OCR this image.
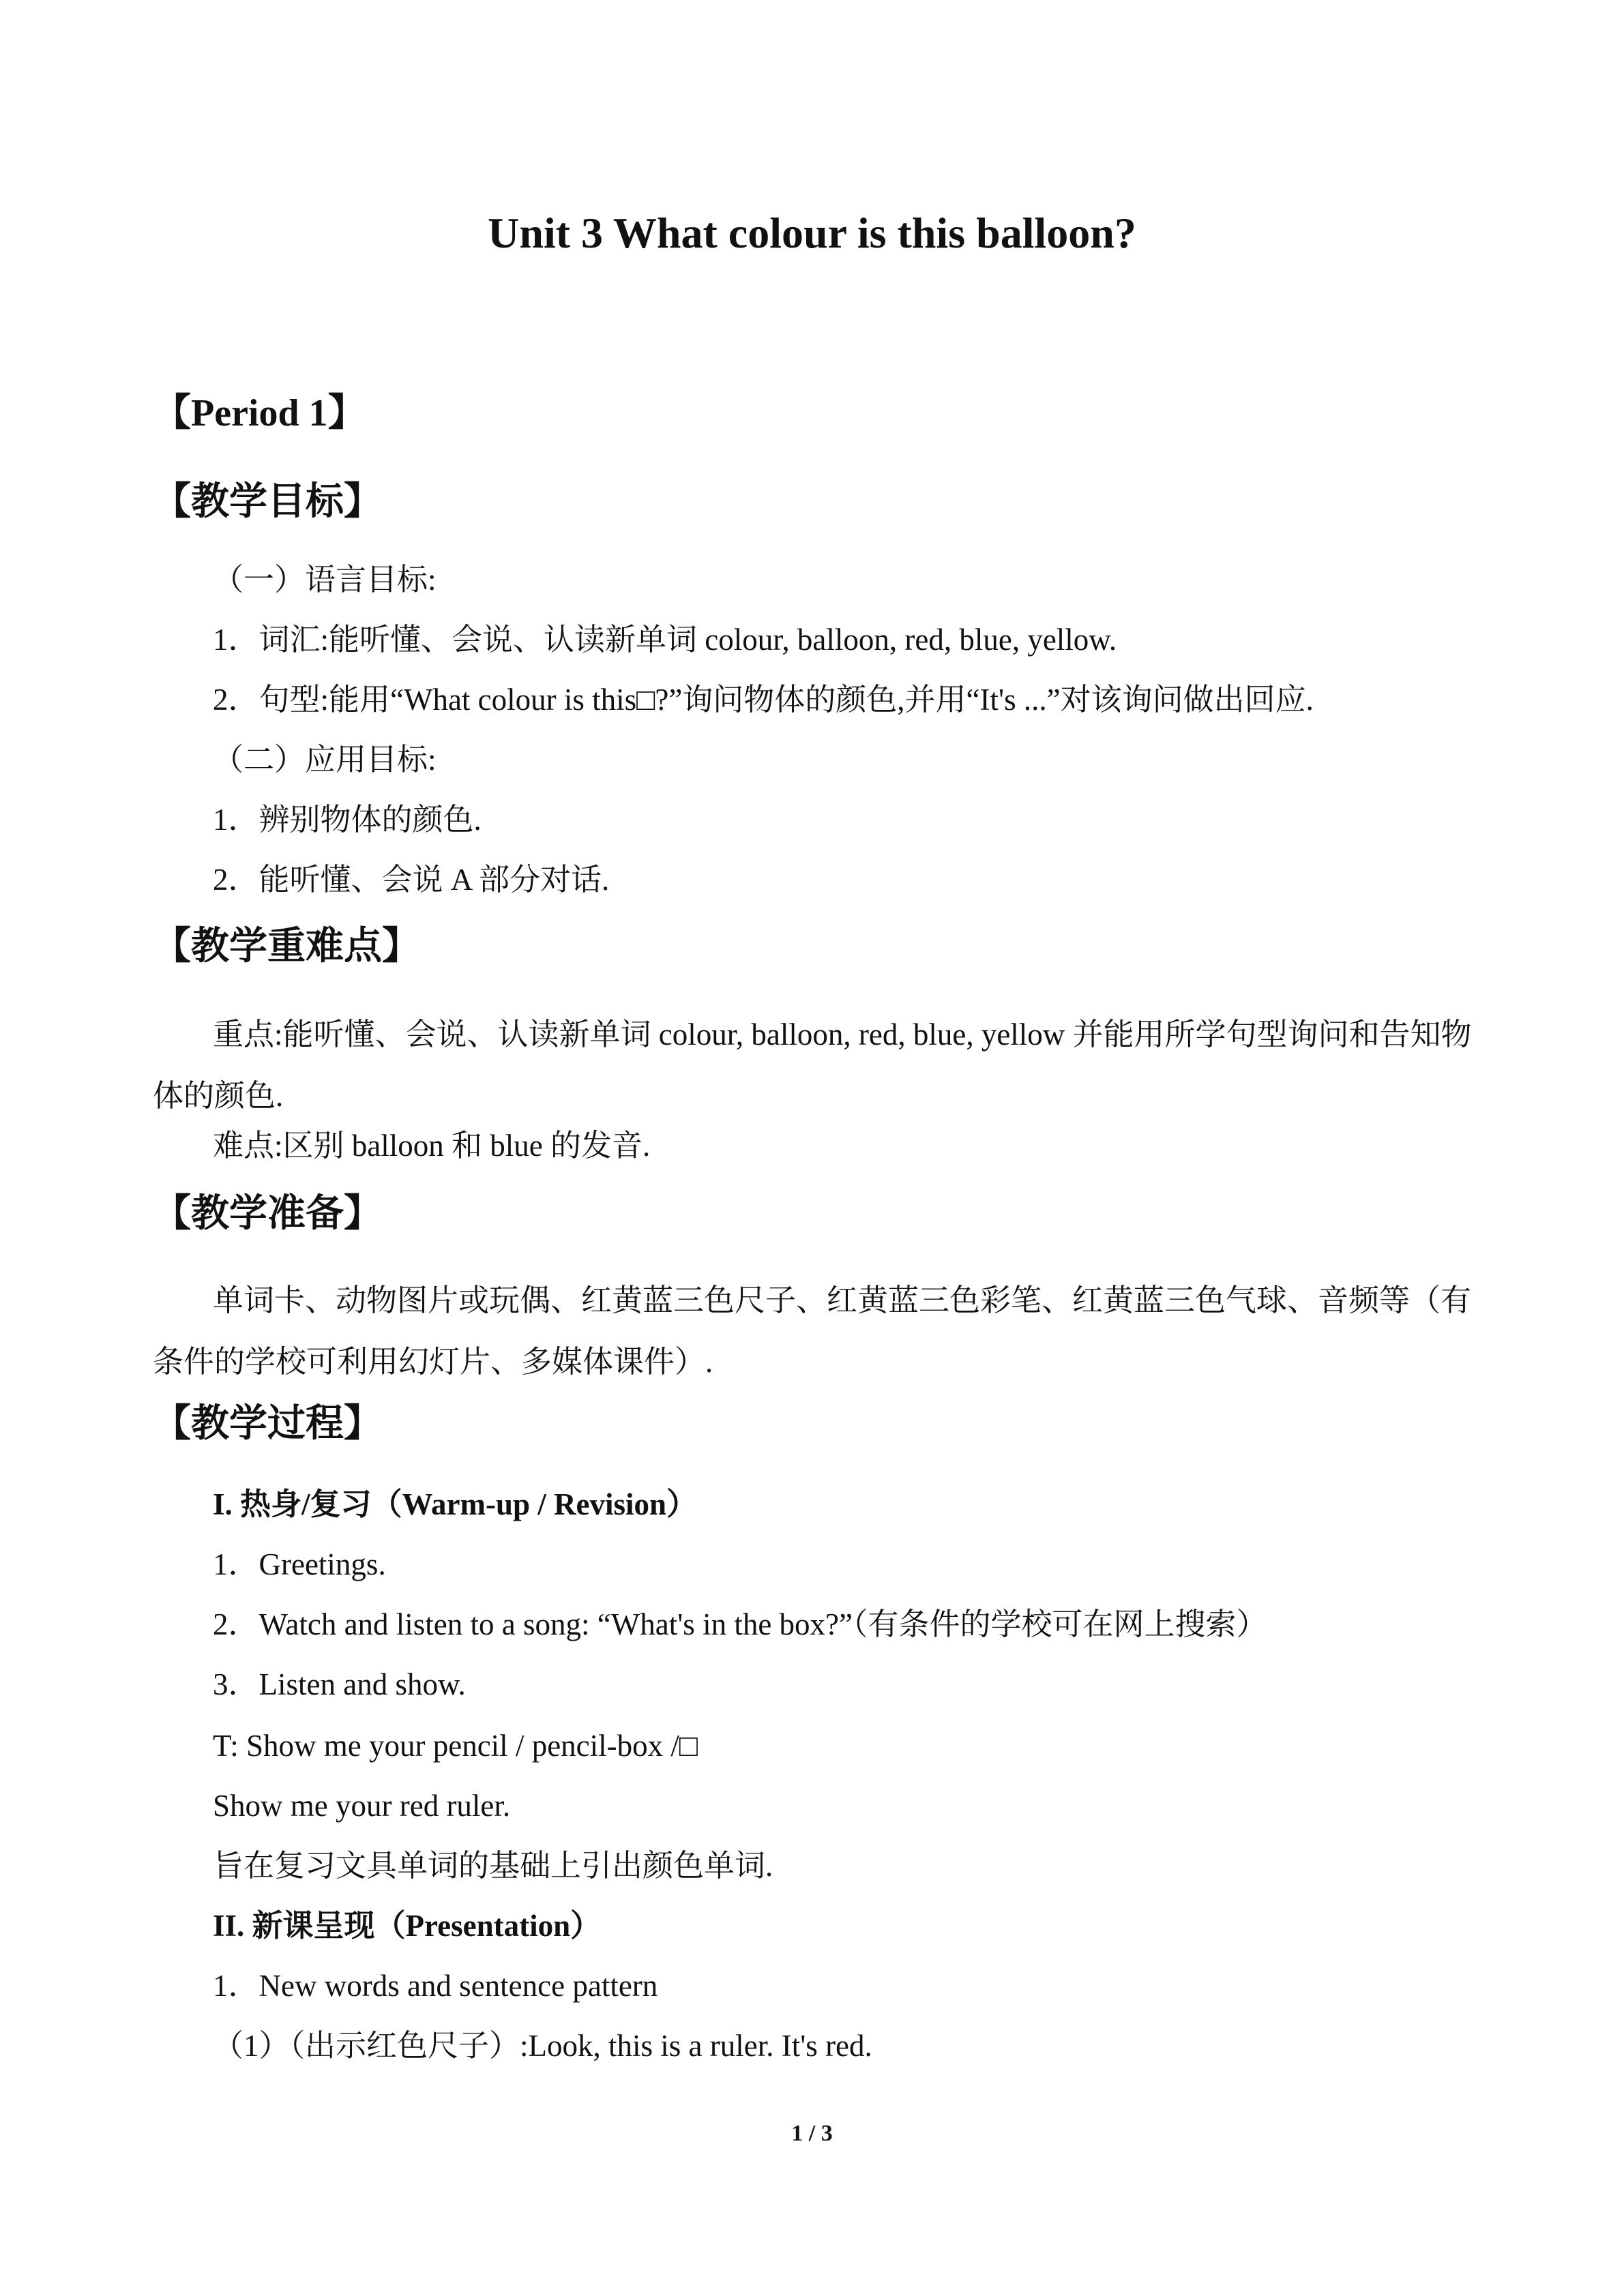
Unit 3 What colour is this balloon?
【Period 1】
【教学目标】
（一）语言目标:
1．词汇:能听懂、会说、认读新单词 colour, balloon, red, blue, yellow.
2．句型:能用“What colour is this□?”询问物体的颜色,并用“It's ...”对该询问做出回应.
（二）应用目标:
1．辨别物体的颜色.
2．能听懂、会说 A 部分对话.
【教学重难点】
重点:能听懂、会说、认读新单词 colour, balloon, red, blue, yellow 并能用所学句型询问和告知物体的颜色.
难点:区别 balloon 和 blue 的发音.
【教学准备】
单词卡、动物图片或玩偶、红黄蓝三色尺子、红黄蓝三色彩笔、红黄蓝三色气球、音频等（有条件的学校可利用幻灯片、多媒体课件）.
【教学过程】
I. 热身/复习（Warm-up / Revision）
1．Greetings.
2．Watch and listen to a song: “What's in the box?”（有条件的学校可在网上搜索）
3．Listen and show.
T: Show me your pencil / pencil-box /□
Show me your red ruler.
旨在复习文具单词的基础上引出颜色单词.
II. 新课呈现（Presentation）
1．New words and sentence pattern
（1）（出示红色尺子）:Look, this is a ruler. It's red.
1 / 3
